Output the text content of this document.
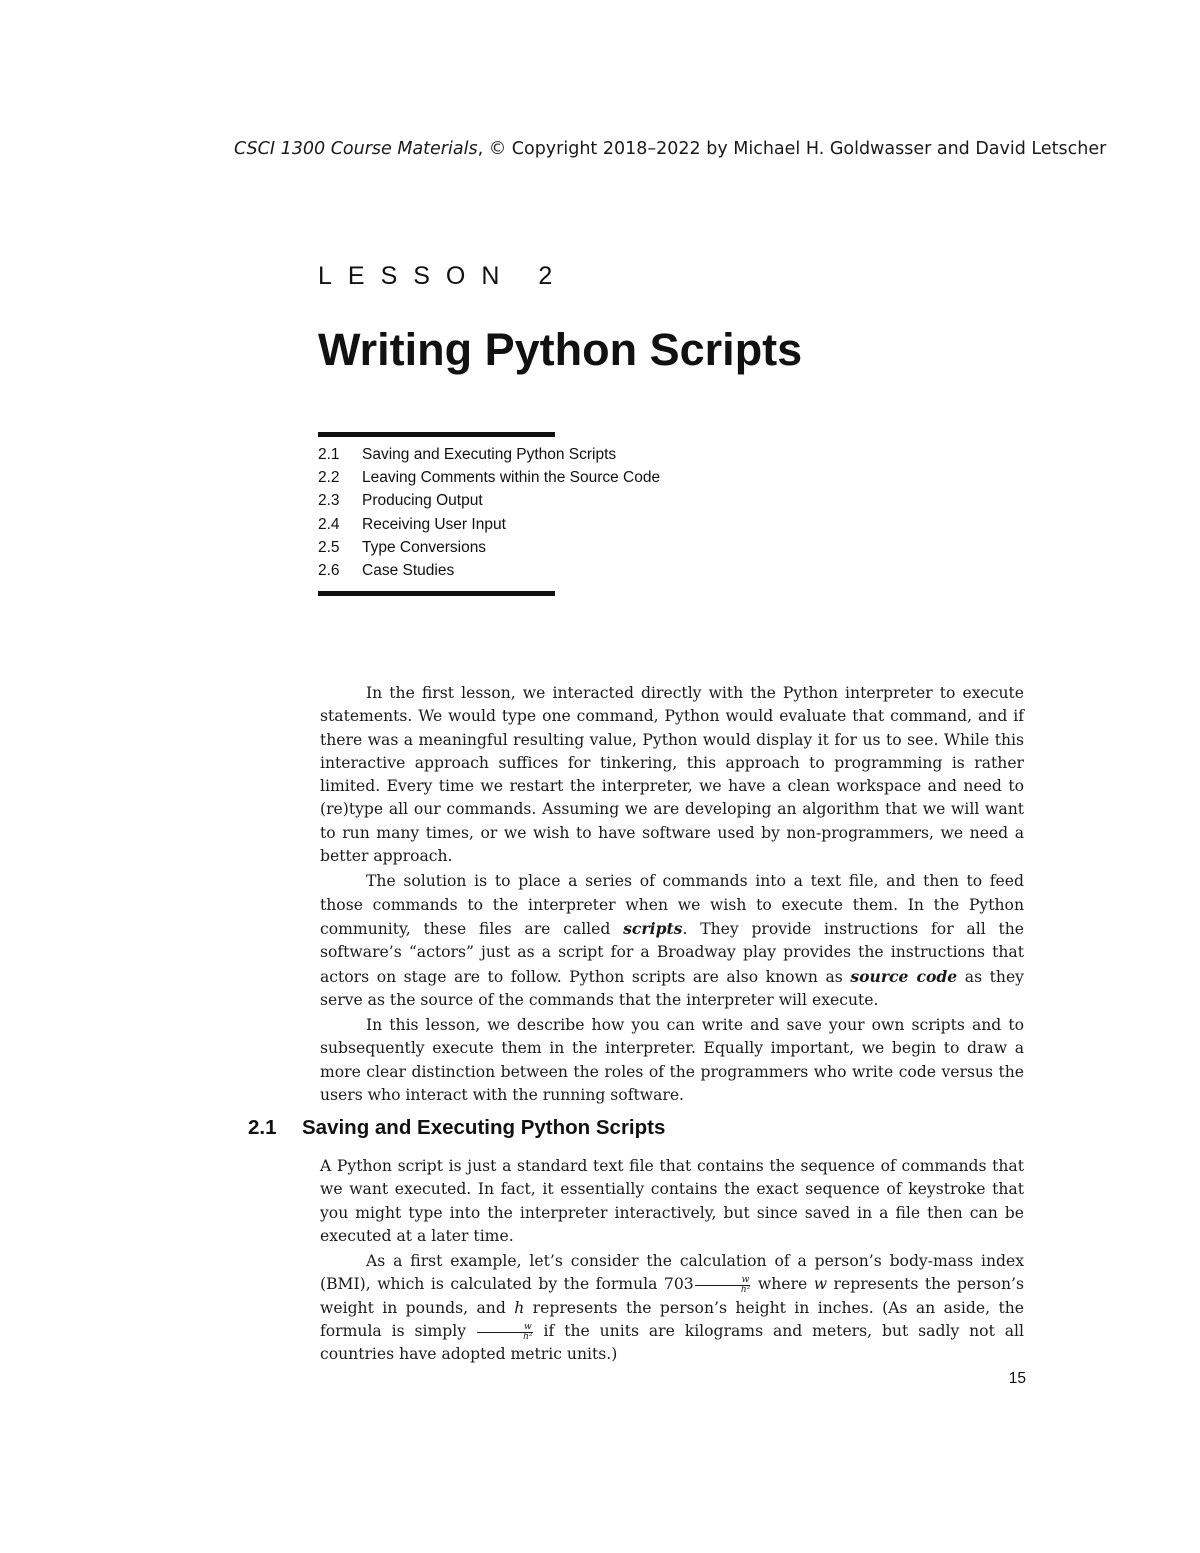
CSCI 1300 Course Materials, © Copyright 2018–2022 by Michael H. Goldwasser and David Letscher
LESSON 2
Writing Python Scripts
2.1 Saving and Executing Python Scripts
2.2 Leaving Comments within the Source Code
2.3 Producing Output
2.4 Receiving User Input
2.5 Type Conversions
2.6 Case Studies

In the first lesson, we interacted directly with the Python interpreter to execute statements. We would type one command, Python would evaluate that command, and if there was a meaningful resulting value, Python would display it for us to see. While this interactive approach suffices for tinkering, this approach to programming is rather limited. Every time we restart the interpreter, we have a clean workspace and need to (re)type all our commands. Assuming we are developing an algorithm that we will want to run many times, or we wish to have software used by non-programmers, we need a better approach.

The solution is to place a series of commands into a text file, and then to feed those commands to the interpreter when we wish to execute them. In the Python community, these files are called scripts. They provide instructions for all the software’s “actors” just as a script for a Broadway play provides the instructions that actors on stage are to follow. Python scripts are also known as source code as they serve as the source of the commands that the interpreter will execute.

In this lesson, we describe how you can write and save your own scripts and to subsequently execute them in the interpreter. Equally important, we begin to draw a more clear distinction between the roles of the programmers who write code versus the users who interact with the running software.

2.1 Saving and Executing Python Scripts

A Python script is just a standard text file that contains the sequence of commands that we want executed. In fact, it essentially contains the exact sequence of keystroke that you might type into the interpreter interactively, but since saved in a file then can be executed at a later time.

As a first example, let’s consider the calculation of a person’s body-mass index (BMI), which is calculated by the formula $703 \frac{w}{\text{h²}}$ where w represents the person’s weight in pounds, and h represents the person’s height in inches. (As an aside, the formula is simply $\frac{w}{\text{h²}}$ if the units are kilograms and meters, but sadly not all countries have adopted metric units.)

15
